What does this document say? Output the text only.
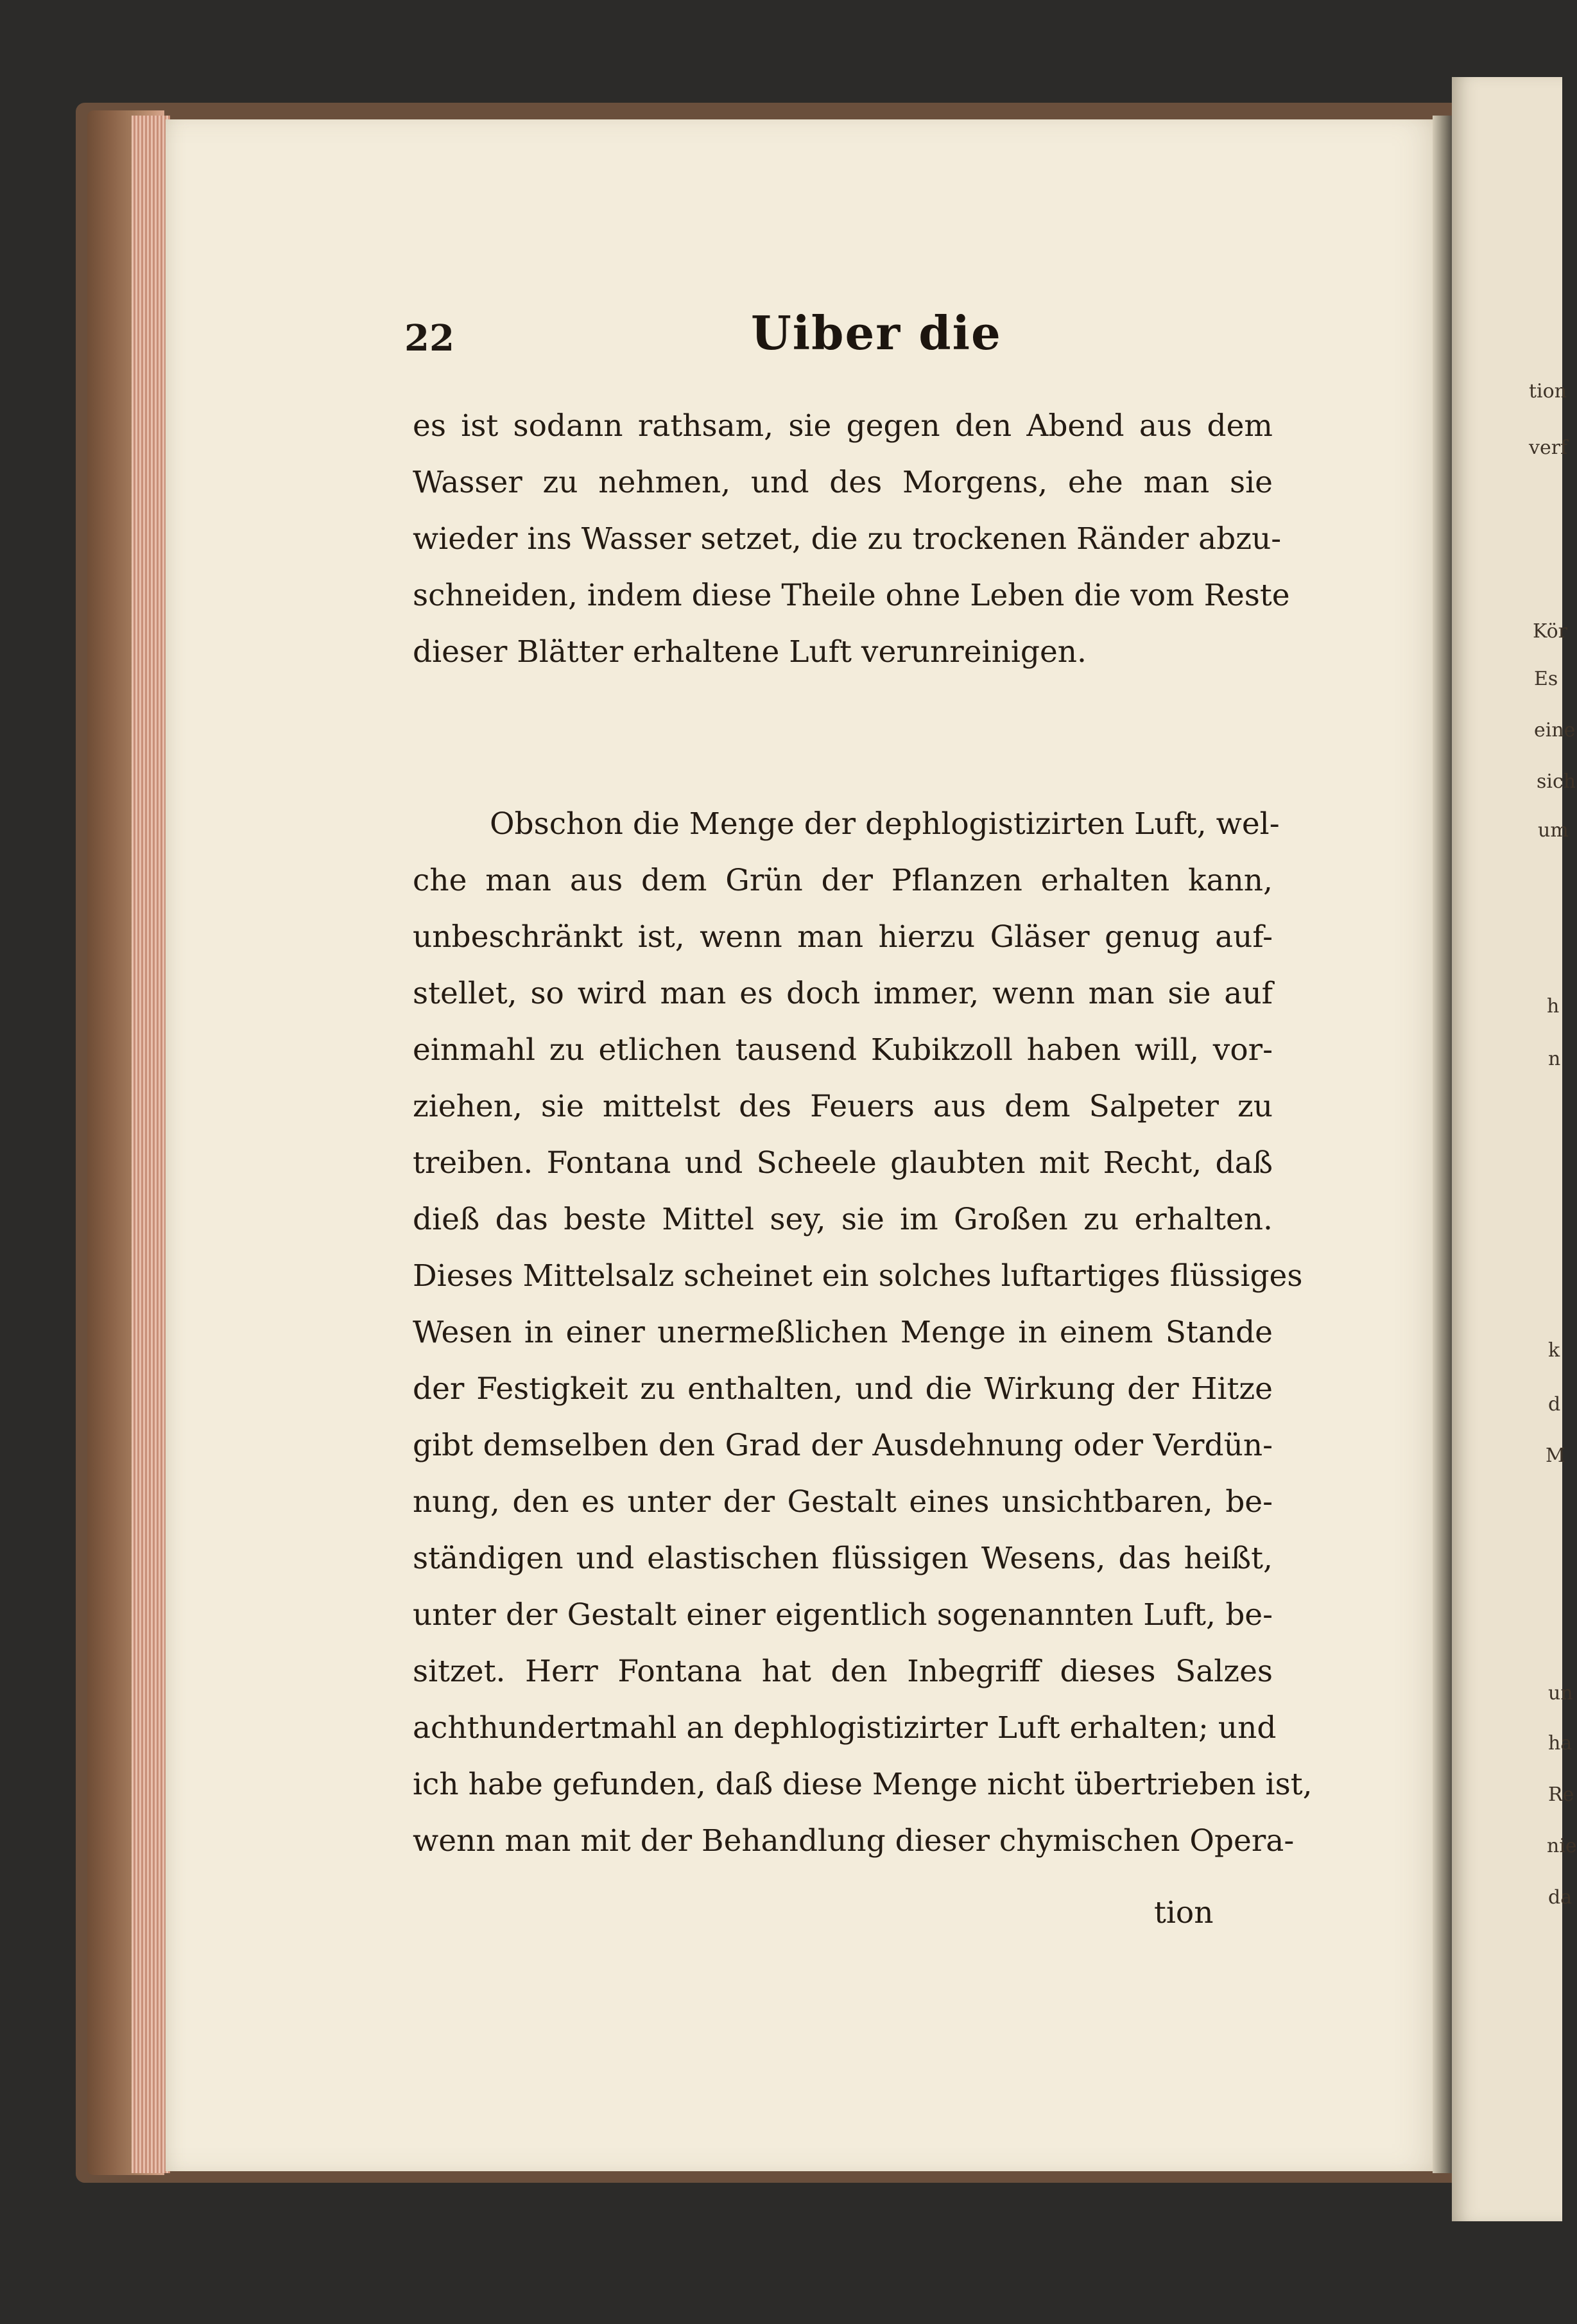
tion
verf
Kör
Es
eine
sich
um
h
n
k
d
M
un
ha
Re
nie
da
22	Uiber die
es ist sodann rathsam, sie gegen den Abend aus dem
Wasser zu nehmen, und des Morgens, ehe man sie
wieder ins Wasser setzet, die zu trockenen Ränder abzu-
schneiden, indem diese Theile ohne Leben die vom Reste
dieser Blätter erhaltene Luft verunreinigen.
Obschon die Menge der dephlogistizirten Luft, wel-
che man aus dem Grün der Pflanzen erhalten kann,
unbeschränkt ist, wenn man hierzu Gläser genug auf-
stellet, so wird man es doch immer, wenn man sie auf
einmahl zu etlichen tausend Kubikzoll haben will, vor-
ziehen, sie mittelst des Feuers aus dem Salpeter zu
treiben. Fontana und Scheele glaubten mit Recht, daß
dieß das beste Mittel sey, sie im Großen zu erhalten.
Dieses Mittelsalz scheinet ein solches luftartiges flüssiges
Wesen in einer unermeßlichen Menge in einem Stande
der Festigkeit zu enthalten, und die Wirkung der Hitze
gibt demselben den Grad der Ausdehnung oder Verdün-
nung, den es unter der Gestalt eines unsichtbaren, be-
ständigen und elastischen flüssigen Wesens, das heißt,
unter der Gestalt einer eigentlich sogenannten Luft, be-
sitzet. Herr Fontana hat den Inbegriff dieses Salzes
achthundertmahl an dephlogistizirter Luft erhalten; und
ich habe gefunden, daß diese Menge nicht übertrieben ist,
wenn man mit der Behandlung dieser chymischen Opera-
tion
